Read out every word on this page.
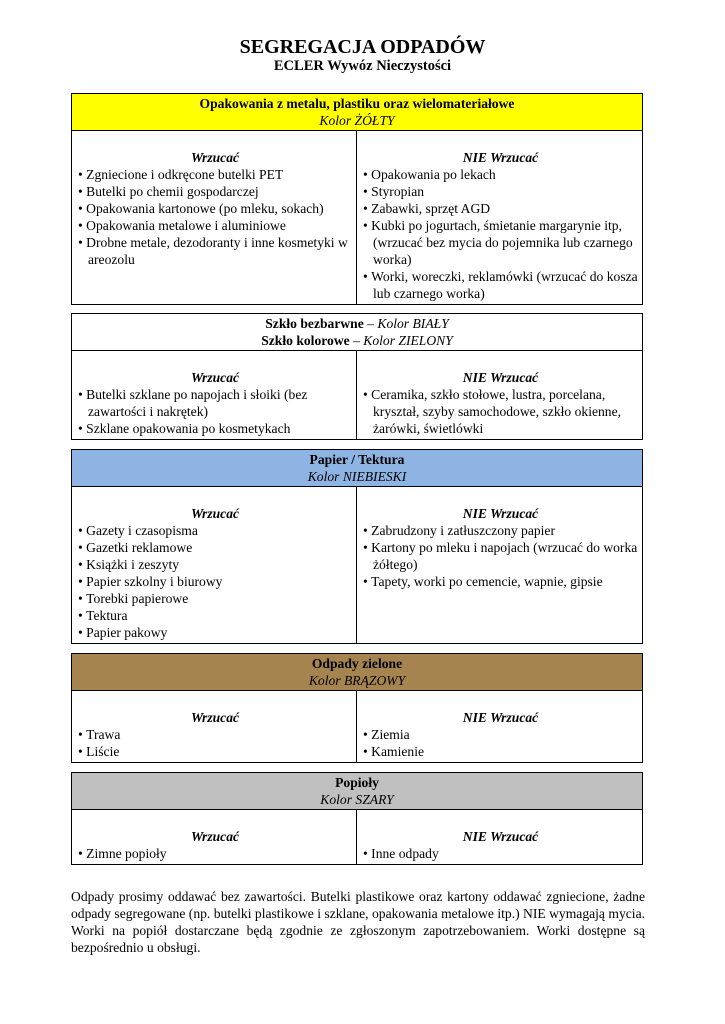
SEGREGACJA ODPADÓW
ECLER Wywóz Nieczystości
Opakowania z metalu, plastiku oraz wielomateriałowe
Kolor ŻÓŁTY
Wrzucać
• Zgniecione i odkręcone butelki PET
• Butelki po chemii gospodarczej
• Opakowania kartonowe (po mleku, sokach)
• Opakowania metalowe i aluminiowe
• Drobne metale, dezodoranty i inne kosmetyki w areozolu
NIE Wrzucać
• Opakowania po lekach
• Styropian
• Zabawki, sprzęt AGD
• Kubki po jogurtach, śmietanie margarynie itp, (wrzucać bez mycia do pojemnika lub czarnego worka)
• Worki, woreczki, reklamówki (wrzucać do kosza lub czarnego worka)
Szkło bezbarwne – Kolor BIAŁY
Szkło kolorowe – Kolor ZIELONY
Wrzucać
• Butelki szklane po napojach i słoiki (bez zawartości i nakrętek)
• Szklane opakowania po kosmetykach
NIE Wrzucać
• Ceramika, szkło stołowe, lustra, porcelana, kryształ, szyby samochodowe, szkło okienne, żarówki, świetlówki
Papier / Tektura
Kolor NIEBIESKI
Wrzucać
• Gazety i czasopisma
• Gazetki reklamowe
• Książki i zeszyty
• Papier szkolny i biurowy
• Torebki papierowe
• Tektura
• Papier pakowy
NIE Wrzucać
• Zabrudzony i zatłuszczony papier
• Kartony po mleku i napojach (wrzucać do worka żółtego)
• Tapety, worki po cemencie, wapnie, gipsie
Odpady zielone
Kolor BRĄZOWY
Wrzucać
• Trawa
• Liście
NIE Wrzucać
• Ziemia
• Kamienie
Popioły
Kolor SZARY
Wrzucać
• Zimne popioły
NIE Wrzucać
• Inne odpady
Odpady prosimy oddawać bez zawartości. Butelki plastikowe oraz kartony oddawać zgniecione, żadne odpady segregowane (np. butelki plastikowe i szklane, opakowania metalowe itp.) NIE wymagają mycia. Worki na popiół dostarczane będą zgodnie ze zgłoszonym zapotrzebowaniem. Worki dostępne są bezpośrednio u obsługi.
